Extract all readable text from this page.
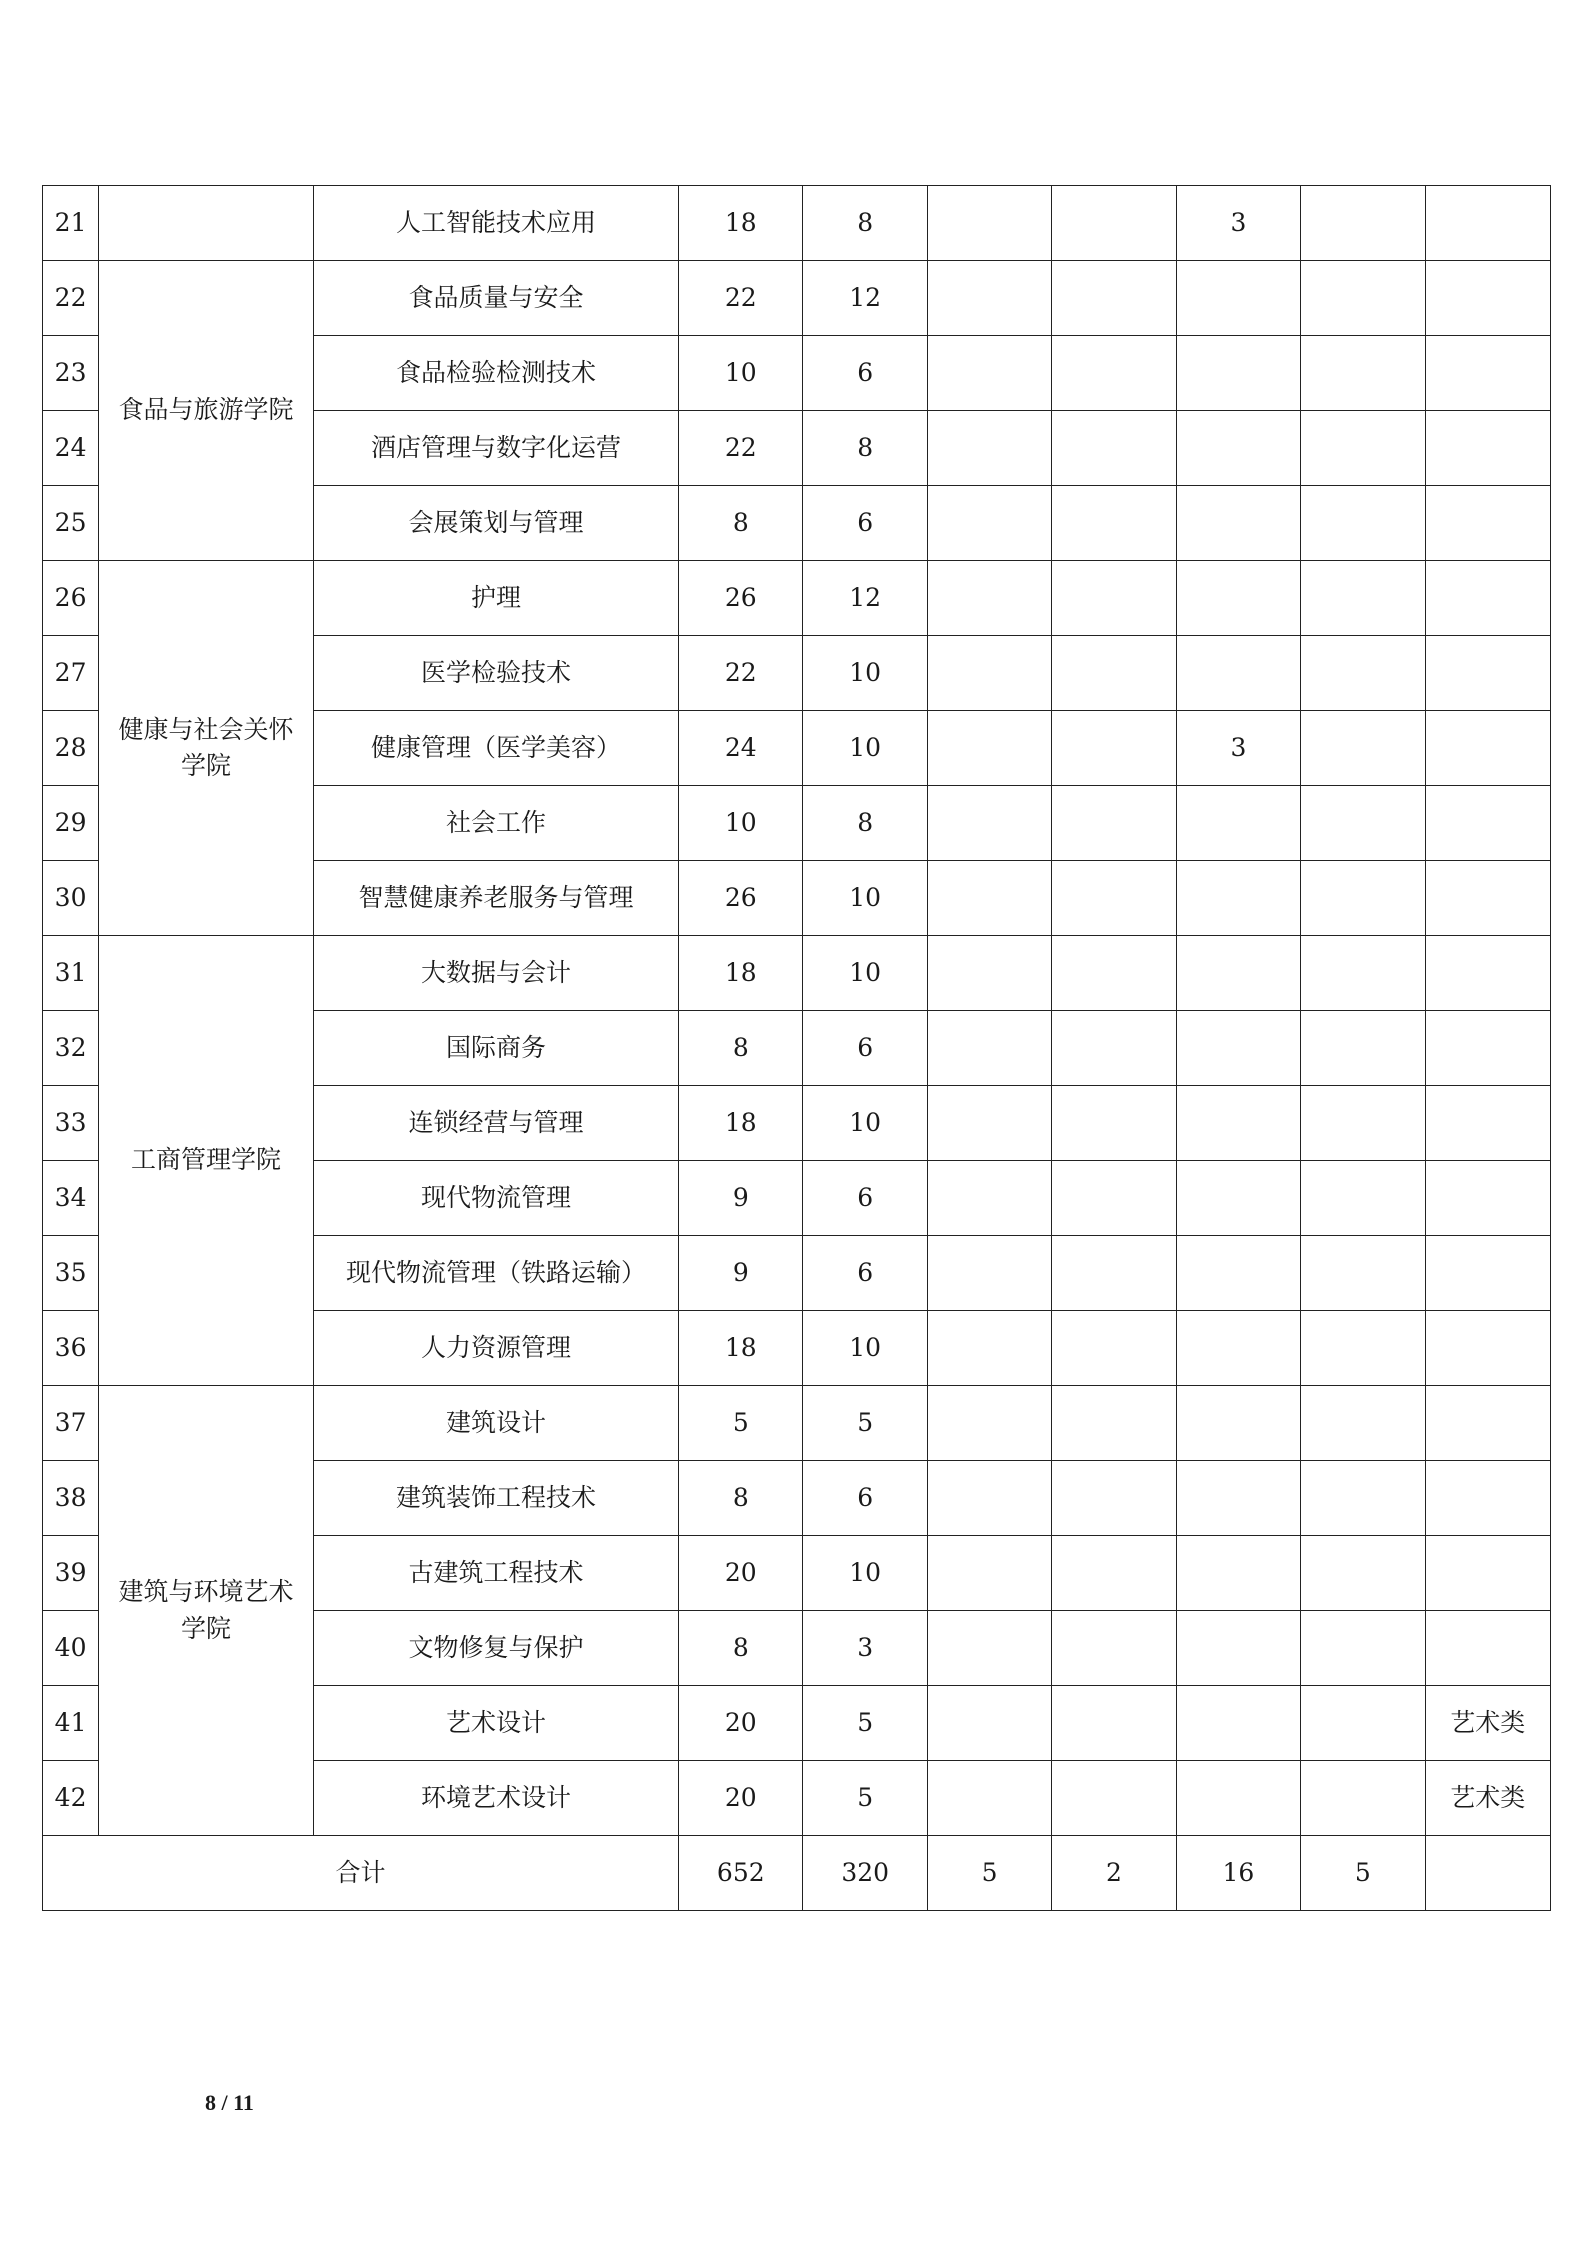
21		人工智能技术应用	18	8			3		
22	食品与旅游学院	食品质量与安全	22	12					
23		食品检验检测技术	10	6					
24		酒店管理与数字化运营	22	8					
25		会展策划与管理	8	6					
26	健康与社会关怀学院	护理	26	12					
27		医学检验技术	22	10					
28		健康管理（医学美容）	24	10			3		
29		社会工作	10	8					
30		智慧健康养老服务与管理	26	10					
31	工商管理学院	大数据与会计	18	10					
32		国际商务	8	6					
33		连锁经营与管理	18	10					
34		现代物流管理	9	6					
35		现代物流管理（铁路运输）	9	6					
36		人力资源管理	18	10					
37	建筑与环境艺术学院	建筑设计	5	5					
38		建筑装饰工程技术	8	6					
39		古建筑工程技术	20	10					
40		文物修复与保护	8	3					
41		艺术设计	20	5					艺术类
42		环境艺术设计	20	5					艺术类
合计			652	320	5	2	16	5	
8 / 11
